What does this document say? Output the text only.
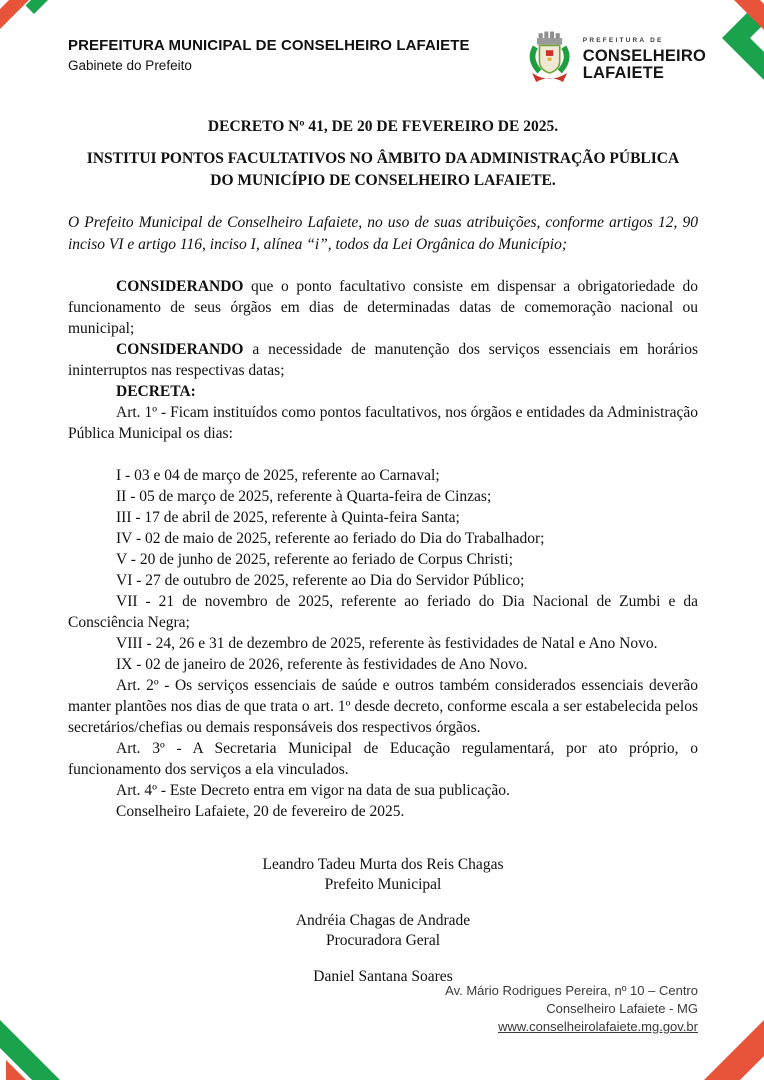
PREFEITURA MUNICIPAL DE CONSELHEIRO LAFAIETE
Gabinete do Prefeito
PREFEITURA DE
CONSELHEIRO
LAFAIETE
DECRETO Nº 41, DE 20 DE FEVEREIRO DE 2025.
INSTITUI PONTOS FACULTATIVOS NO ÂMBITO DA ADMINISTRAÇÃO PÚBLICA DO MUNICÍPIO DE CONSELHEIRO LAFAIETE.

O Prefeito Municipal de Conselheiro Lafaiete, no uso de suas atribuições, conforme artigos 12, 90 inciso VI e artigo 116, inciso I, alínea “i”, todos da Lei Orgânica do Município;

CONSIDERANDO que o ponto facultativo consiste em dispensar a obrigatoriedade do funcionamento de seus órgãos em dias de determinadas datas de comemoração nacional ou municipal;

CONSIDERANDO a necessidade de manutenção dos serviços essenciais em horários ininterruptos nas respectivas datas;

DECRETA:

Art. 1º - Ficam instituídos como pontos facultativos, nos órgãos e entidades da Administração Pública Municipal os dias:

I - 03 e 04 de março de 2025, referente ao Carnaval;

II - 05 de março de 2025, referente à Quarta-feira de Cinzas;

III - 17 de abril de 2025, referente à Quinta-feira Santa;

IV - 02 de maio de 2025, referente ao feriado do Dia do Trabalhador;

V - 20 de junho de 2025, referente ao feriado de Corpus Christi;

VI - 27 de outubro de 2025, referente ao Dia do Servidor Público;

VII - 21 de novembro de 2025, referente ao feriado do Dia Nacional de Zumbi e da Consciência Negra;

VIII - 24, 26 e 31 de dezembro de 2025, referente às festividades de Natal e Ano Novo.

IX - 02 de janeiro de 2026, referente às festividades de Ano Novo.

Art. 2º - Os serviços essenciais de saúde e outros também considerados essenciais deverão manter plantões nos dias de que trata o art. 1º desde decreto, conforme escala a ser estabelecida pelos secretários/chefias ou demais responsáveis dos respectivos órgãos.

Art. 3º - A Secretaria Municipal de Educação regulamentará, por ato próprio, o funcionamento dos serviços a ela vinculados.

Art. 4º - Este Decreto entra em vigor na data de sua publicação.

Conselheiro Lafaiete, 20 de fevereiro de 2025.

Leandro Tadeu Murta dos Reis Chagas
Prefeito Municipal
Andréia Chagas de Andrade
Procuradora Geral
Daniel Santana Soares
Av. Mário Rodrigues Pereira, nº 10 – Centro
Conselheiro Lafaiete - MG
www.conselheirolafaiete.mg.gov.br
